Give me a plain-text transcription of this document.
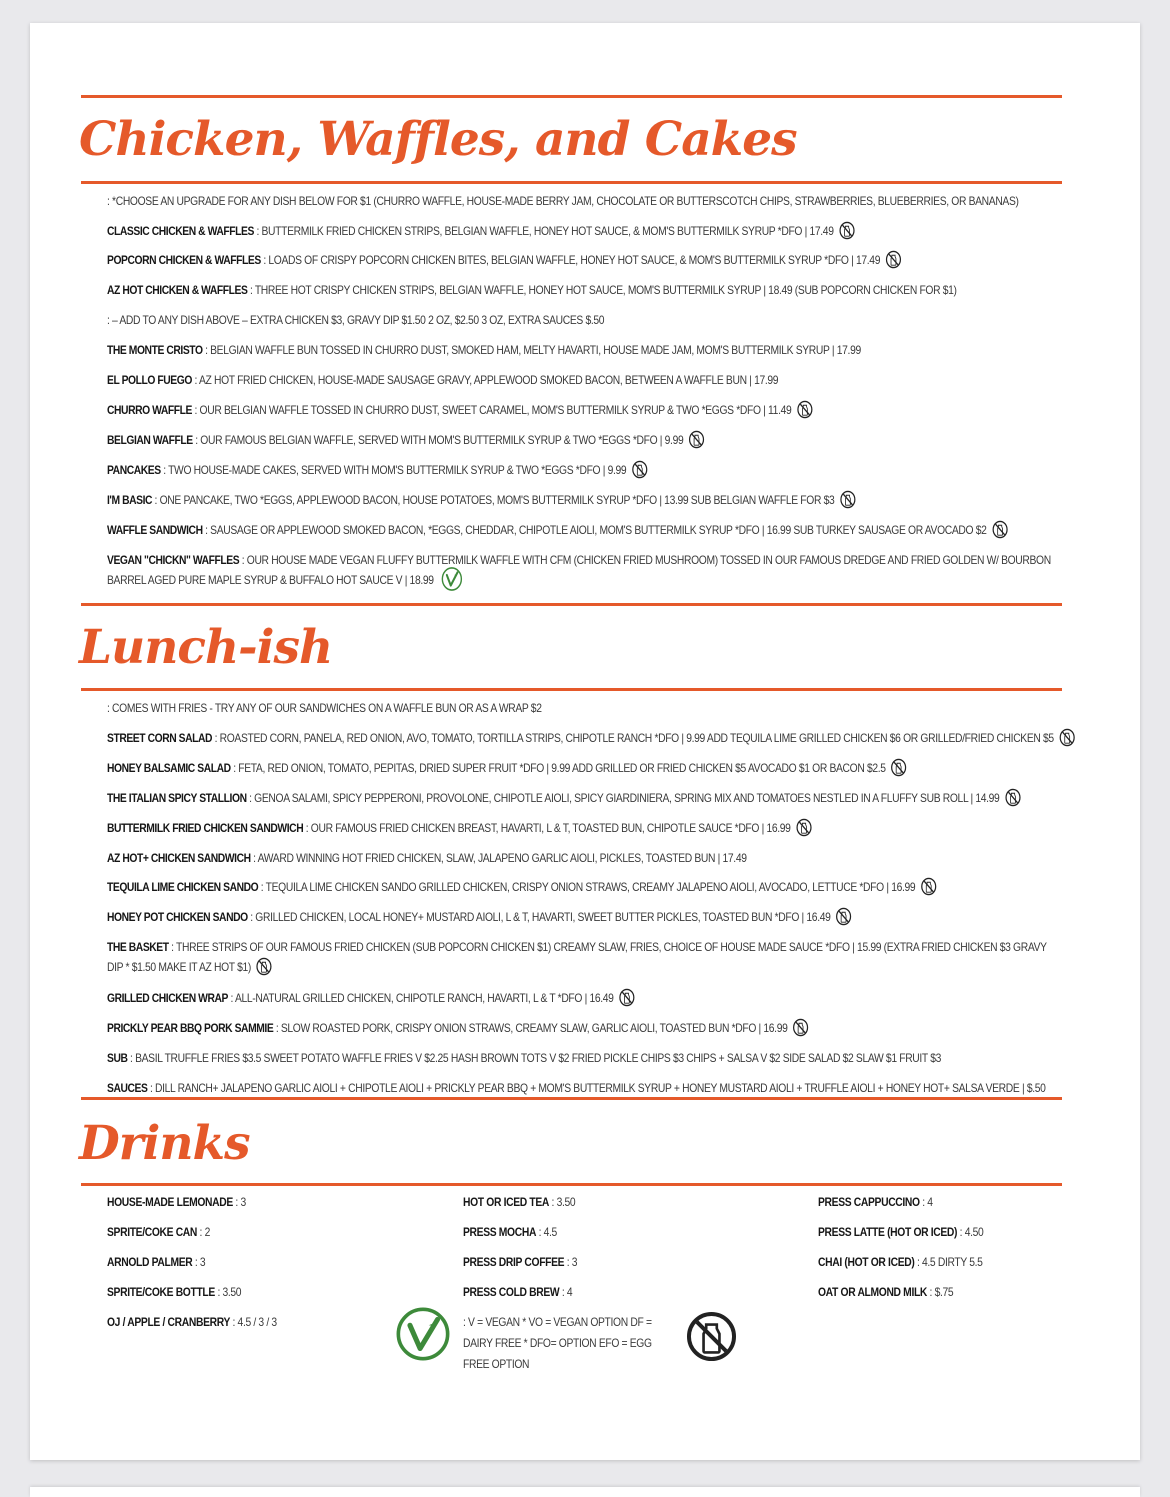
Chicken, Waffles, and Cakes
: *CHOOSE AN UPGRADE FOR ANY DISH BELOW FOR $1 (CHURRO WAFFLE, HOUSE-MADE BERRY JAM, CHOCOLATE OR BUTTERSCOTCH CHIPS, STRAWBERRIES, BLUEBERRIES, OR BANANAS)
CLASSIC CHICKEN & WAFFLES : BUTTERMILK FRIED CHICKEN STRIPS, BELGIAN WAFFLE, HONEY HOT SAUCE, & MOM'S BUTTERMILK SYRUP *DFO | 17.49
POPCORN CHICKEN & WAFFLES : LOADS OF CRISPY POPCORN CHICKEN BITES, BELGIAN WAFFLE, HONEY HOT SAUCE, & MOM'S BUTTERMILK SYRUP *DFO | 17.49
AZ HOT CHICKEN & WAFFLES : THREE HOT CRISPY CHICKEN STRIPS, BELGIAN WAFFLE, HONEY HOT SAUCE, MOM'S BUTTERMILK SYRUP | 18.49 (SUB POPCORN CHICKEN FOR $1)
: – ADD TO ANY DISH ABOVE – EXTRA CHICKEN $3, GRAVY DIP $1.50 2 OZ, $2.50 3 OZ, EXTRA SAUCES $.50
THE MONTE CRISTO : BELGIAN WAFFLE BUN TOSSED IN CHURRO DUST, SMOKED HAM, MELTY HAVARTI, HOUSE MADE JAM, MOM'S BUTTERMILK SYRUP | 17.99
EL POLLO FUEGO : AZ HOT FRIED CHICKEN, HOUSE-MADE SAUSAGE GRAVY, APPLEWOOD SMOKED BACON, BETWEEN A WAFFLE BUN | 17.99
CHURRO WAFFLE : OUR BELGIAN WAFFLE TOSSED IN CHURRO DUST, SWEET CARAMEL, MOM'S BUTTERMILK SYRUP & TWO *EGGS *DFO | 11.49
BELGIAN WAFFLE : OUR FAMOUS BELGIAN WAFFLE, SERVED WITH MOM'S BUTTERMILK SYRUP & TWO *EGGS *DFO | 9.99
PANCAKES : TWO HOUSE-MADE CAKES, SERVED WITH MOM'S BUTTERMILK SYRUP & TWO *EGGS *DFO | 9.99
I'M BASIC : ONE PANCAKE, TWO *EGGS, APPLEWOOD BACON, HOUSE POTATOES, MOM'S BUTTERMILK SYRUP *DFO | 13.99 SUB BELGIAN WAFFLE FOR $3
WAFFLE SANDWICH : SAUSAGE OR APPLEWOOD SMOKED BACON, *EGGS, CHEDDAR, CHIPOTLE AIOLI, MOM'S BUTTERMILK SYRUP *DFO | 16.99 SUB TURKEY SAUSAGE OR AVOCADO $2
VEGAN "CHICKN" WAFFLES : OUR HOUSE MADE VEGAN FLUFFY BUTTERMILK WAFFLE WITH CFM (CHICKEN FRIED MUSHROOM) TOSSED IN OUR FAMOUS DREDGE AND FRIED GOLDEN W/ BOURBON BARREL AGED PURE MAPLE SYRUP & BUFFALO HOT SAUCE V | 18.99
Lunch-ish
: COMES WITH FRIES - TRY ANY OF OUR SANDWICHES ON A WAFFLE BUN OR AS A WRAP $2
STREET CORN SALAD : ROASTED CORN, PANELA, RED ONION, AVO, TOMATO, TORTILLA STRIPS, CHIPOTLE RANCH *DFO | 9.99 ADD TEQUILA LIME GRILLED CHICKEN $6 OR GRILLED/FRIED CHICKEN $5
HONEY BALSAMIC SALAD : FETA, RED ONION, TOMATO, PEPITAS, DRIED SUPER FRUIT *DFO | 9.99 ADD GRILLED OR FRIED CHICKEN $5 AVOCADO $1 OR BACON $2.5
THE ITALIAN SPICY STALLION : GENOA SALAMI, SPICY PEPPERONI, PROVOLONE, CHIPOTLE AIOLI, SPICY GIARDINIERA, SPRING MIX AND TOMATOES NESTLED IN A FLUFFY SUB ROLL | 14.99
BUTTERMILK FRIED CHICKEN SANDWICH : OUR FAMOUS FRIED CHICKEN BREAST, HAVARTI, L & T, TOASTED BUN, CHIPOTLE SAUCE *DFO | 16.99
AZ HOT+ CHICKEN SANDWICH : AWARD WINNING HOT FRIED CHICKEN, SLAW, JALAPENO GARLIC AIOLI, PICKLES, TOASTED BUN | 17.49
TEQUILA LIME CHICKEN SANDO : TEQUILA LIME CHICKEN SANDO GRILLED CHICKEN, CRISPY ONION STRAWS, CREAMY JALAPENO AIOLI, AVOCADO, LETTUCE *DFO | 16.99
HONEY POT CHICKEN SANDO : GRILLED CHICKEN, LOCAL HONEY+ MUSTARD AIOLI, L & T, HAVARTI, SWEET BUTTER PICKLES, TOASTED BUN *DFO | 16.49
THE BASKET : THREE STRIPS OF OUR FAMOUS FRIED CHICKEN (SUB POPCORN CHICKEN $1) CREAMY SLAW, FRIES, CHOICE OF HOUSE MADE SAUCE *DFO | 15.99 (EXTRA FRIED CHICKEN $3 GRAVY DIP * $1.50 MAKE IT AZ HOT $1)
GRILLED CHICKEN WRAP : ALL-NATURAL GRILLED CHICKEN, CHIPOTLE RANCH, HAVARTI, L & T *DFO | 16.49
PRICKLY PEAR BBQ PORK SAMMIE : SLOW ROASTED PORK, CRISPY ONION STRAWS, CREAMY SLAW, GARLIC AIOLI, TOASTED BUN *DFO | 16.99
SUB : BASIL TRUFFLE FRIES $3.5 SWEET POTATO WAFFLE FRIES V $2.25 HASH BROWN TOTS V $2 FRIED PICKLE CHIPS $3 CHIPS + SALSA V $2 SIDE SALAD $2 SLAW $1 FRUIT $3
SAUCES : DILL RANCH+ JALAPENO GARLIC AIOLI + CHIPOTLE AIOLI + PRICKLY PEAR BBQ + MOM'S BUTTERMILK SYRUP + HONEY MUSTARD AIOLI + TRUFFLE AIOLI + HONEY HOT+ SALSA VERDE | $.50
Drinks
HOUSE-MADE LEMONADE : 3
SPRITE/COKE CAN : 2
ARNOLD PALMER : 3
SPRITE/COKE BOTTLE : 3.50
OJ / APPLE / CRANBERRY : 4.5 / 3 / 3
HOT OR ICED TEA : 3.50
PRESS MOCHA : 4.5
PRESS DRIP COFFEE : 3
PRESS COLD BREW : 4
PRESS CAPPUCCINO : 4
PRESS LATTE (HOT OR ICED) : 4.50
CHAI (HOT OR ICED) : 4.5 DIRTY 5.5
OAT OR ALMOND MILK : $.75
: V = VEGAN * VO = VEGAN OPTION DF = DAIRY FREE * DFO= OPTION EFO = EGG FREE OPTION
